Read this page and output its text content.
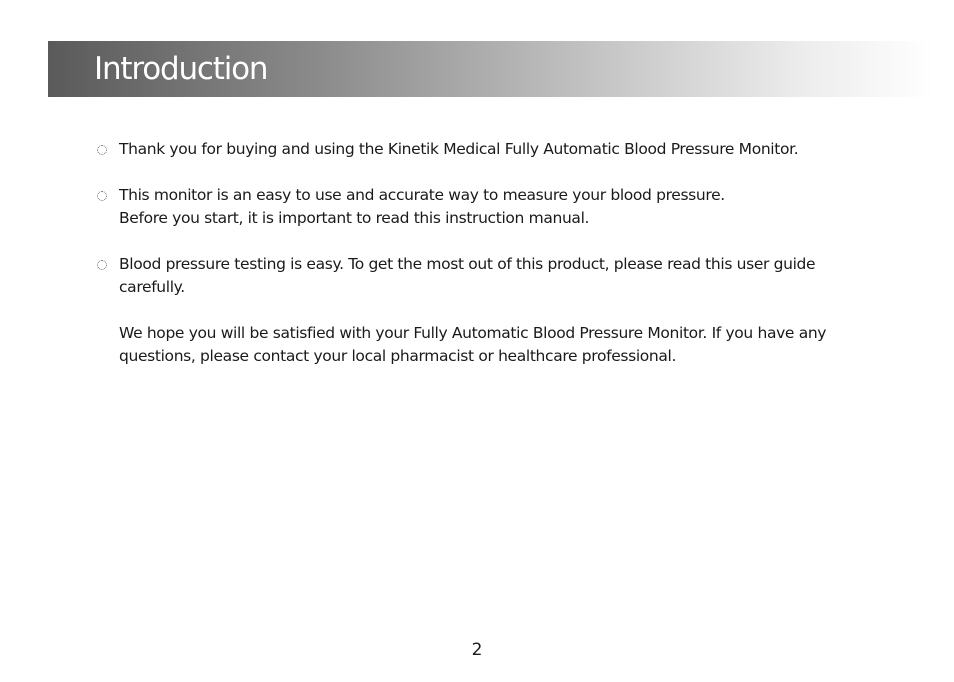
Introduction

Thank you for buying and using the Kinetik Medical Fully Automatic Blood Pressure Monitor.

This monitor is an easy to use and accurate way to measure your blood pressure.
Before you start, it is important to read this instruction manual.

Blood pressure testing is easy. To get the most out of this product, please read this user guide
carefully.

We hope you will be satisfied with your Fully Automatic Blood Pressure Monitor. If you have any
questions, please contact your local pharmacist or healthcare professional.

2
